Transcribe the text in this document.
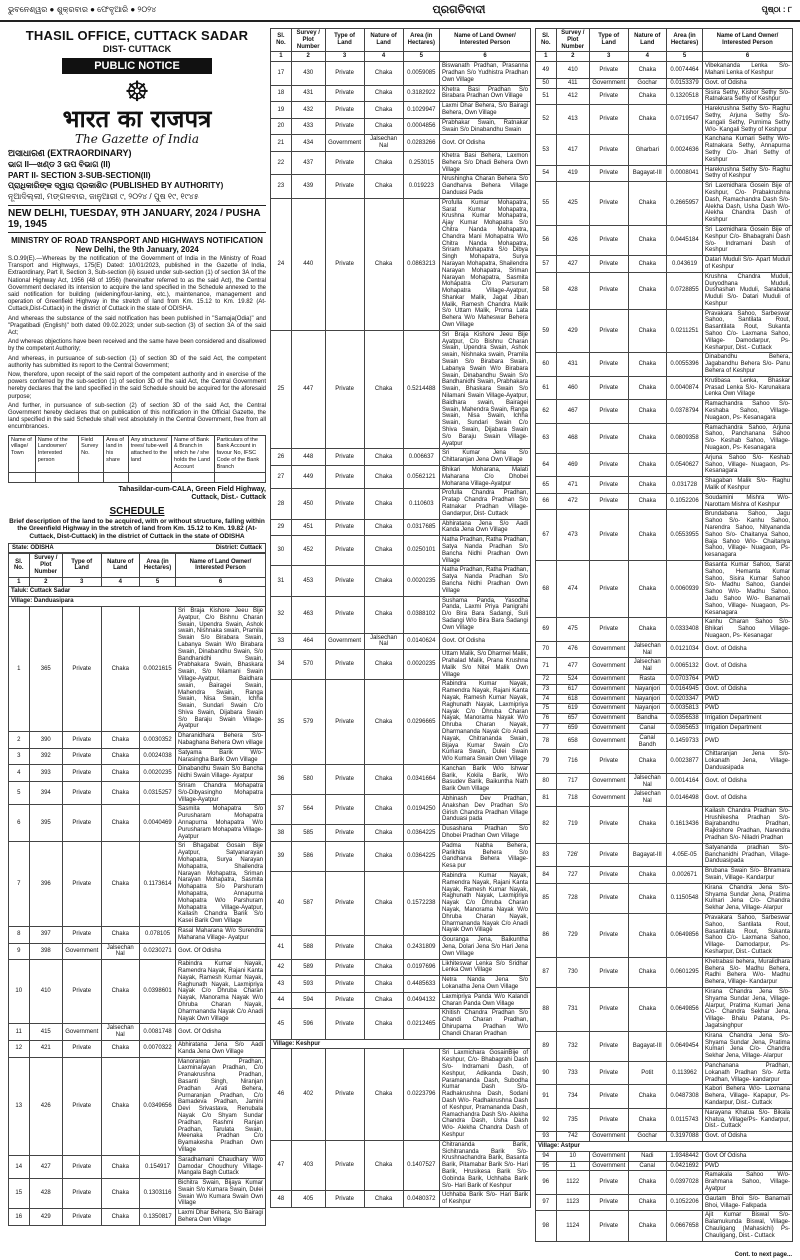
ଭୁବନେଶ୍ୱର ● ଶୁକ୍ରବାର ● ଫେବୃଆରି ● ୨୦୨୪	ପ୍ରଗତିବାଦୀ	ପୃଷ୍ଠା : ୮
THASIL OFFICE, CUTTACK SADAR
DIST- CUTTACK
PUBLIC NOTICE
☸
भारत का राजपत्र
The Gazette of India
ଅସାଧାରଣ (EXTRAORDINARY)
ଭାଗ II—ଖଣ୍ଡ 3 ଉପ ବିଭାଗ (II)
PART II- SECTION 3-SUB-SECTION(II)
ପ୍ରାଧିକାରିଙ୍କ ଦ୍ୱାରା ପ୍ରକାଶିତ (PUBLISHED BY AUTHORITY)
ନୂଆଦିଲ୍ଲୀ, ମଙ୍ଗଳବାର, ଜାନୁଆରୀ ୯, ୨୦୨୪ / ପୁଷ ୧୯, ୧୯୪୫
NEW DELHI, TUESDAY, 9TH JANUARY, 2024 / PUSHA 19, 1945
MINISTRY OF ROAD TRANSPORT AND HIGHWAYS NOTIFICATION New Delhi, the 9th January, 2024
S.O.99(E).—Whereas by the notification of the Government of India in the Ministry of Road Transport and Highways, 175(E) Dated: 10/01/2023, published in the Gazette of India, Extraordinary, Part II, Section 3, Sub-section (ii) issued under sub-section (1) of section 3A of the National Highway Act, 1956 (48 of 1956) (hereinafter referred to as the said Act), the Central Government declared its intension to acquire the land specified in the Schedule annexed to the said notification for building (widening/four-laning, etc.), maintenance, management and operation of Greenfield Highway in the stretch of land from Km. 15.12 to Km. 19.82 (At-Cuttack,Dist-Cuttack) in the district of Cuttack in the state of ODISHA.
And whereas the substance of the said notification has been published in "Samaja(Odia)" and "Pragatibadi (English)" both dated 09.02.2023; under sub-section (3) of section 3A of the said Act;
And whereas objections have been received and the same have been considered and disallowed by the competent Authority;
And whereas, in pursuance of sub-section (1) of section 3D of the said Act, the competent authority has submitted its report to the Central Government;
Now, therefore, upon receipt of the said report of the competent authority and in exercise of the powers conferred by the sub-section (1) of section 3D of the said Act, the Central Government hereby declares that the land specified in the said Schedule should be acquired for the aforesaid purpose;
And further, in pursuance of sub-section (2) of section 3D of the said Act, the Central Government hereby declares that on publication of this notification in the Official Gazette, the land specified in the said Schedule shall vest absolutely in the Central Government, free from all encumbrances.
Name of village/ Town	Name of the Landowner/ Interested person	Field Survey No.	Area of land in his share	Any structures/ trees/ tube-well attached to the land	Name of Bank & Branch in which he / she holds the Land Account	Particulars of the Bank Account in favour No, IFSC Code of the Bank Branch

Tahasildar-cum-CALA, Green Field Highway,
Cuttack, Dist.- Cuttack
SCHEDULE
Brief description of the land to be acquired, with or without structure, falling within the Greenfield Highway in the stretch of land from Km. 15.12 to Km. 19.82 (At-Cuttack, Dist-Cuttack) in the district of Cuttack in the state of ODISHA
State: ODISHA	District: Cuttack
Sl. No.	Survey / Plot Number	Type of Land	Nature of Land	Area (in Hectares)	Name of Land Owner/ Interested Person
1	2	3	4	5	6
Taluk: Cuttack Sadar					
Village: Danduasipara					
1	365	Private	Chaka	0.0021615	Sri Braja Kishore Jeeu Bije Ayatpur, C/o Bishnu Charan Swain, Upendra Swain, Ashok swain, Nishnaka swain, Pramila Swain S/o Birabara Swain, Labanya Swain W/o Birabara Swain, Dinabandhu Swain, S/o Bandhanidhi Swain, Prabhakara Swain, Bhaskara Swain, S/o Nilamani Swain Village-Ayatpur, Baidhara swain, Bairagei Swain, Mahendra Swain, Ranga Swain, Nisa Swain, Ichha Swain, Sundari Swain C/o Shiva Swain, Dijabara Swain S/o Baraju Swain Village-Ayatpur
2	390	Private	Chaka	0.0030352	Dharanidhara Behera S/o-Nabaghana Behera Own village
3	392	Private	Chaka	0.0024038	Satyama Barik W/o- Narasingha Barik Own Village
4	393	Private	Chaka	0.0020235	Dinabandhu Swain S/o Bancha Nidhi Swain Village- Ayatpur
5	394	Private	Chaka	0.0315257	Sriram Chandra Mohapatra S/o-Dibyasingho Mohapatra Village-Ayatpur
6	395	Private	Chaka	0.0040469	Sasmita Mohapatra S/o Purusharam Mohapatra Annapurna Mohapatra W/o Purusharam Mohapatra Village-Ayatpur
7	396	Private	Chaka	0.1173614	Sri Bhagabat Gosain Bije Ayatpur, Satyanarayan Mohapatra, Surya Narayan Mohapatra, Shailendra Narayan Mohapatra, Sriman Narayan Mohapatra, Sasmita Mohapatra S/o Parshuram Mohapatra, Annapurna Mohapatra W/o Parshuram Mohapatra Village-Ayatpur, Kailash Chandra Barik S/o Kasei Barik Own Village
8	397	Private	Chaka	0.078105	Rasal Maharana W/o Surendra Maharana Village- Ayatpur
9	398	Government	Jalsechan Nal	0.0230271	Govt. Of Odisha
10	410	Private	Chaka	0.0398601	Rabindra Kumar Nayak, Ramendra Nayak, Rajani Kanta Nayak, Ramesh Kumar Nayak, Raghunath Nayak, Laxmipriya Nayak C/o Dhruba Charan Nayak, Manorama Nayak W/o Dhruba Charan Nayak, Dharmananda Nayak C/o Anadi Nayak Own Village
11	415	Government	Jalsechan Nal	0.0081748	Govt. Of Odisha
12	421	Private	Chaka	0.0070322	Abhiratana Jena S/o Aadi Kanda Jena Own Village
13	426	Private	Chaka	0.0349656	Manoranjan Pradhan, Laxminarayan Pradhan, C/o Pranakrushna Pradhan, Basanti Singh, Niranjan Pradhan Arati Behera, Purnaranjan Pradhan, C/o Bamadeva Pradhan, Jamini Devi Srivastava, Renubala Nayak C/o Shyam Sundar Pradhan, Rashmi Ranjan Pradhan, Tarulata Swain, Meenaka Pradhan C/o Byamakesha Pradhan Own Village
14	427	Private	Chaka	0.154917	Saradhamani Chaudhary W/o Damodar Choudhury Village-Mangala Bagh Cuttack
15	428	Private	Chaka	0.1303116	Bichitra Swain, Bijaya Kumar Swain S/o Kumara Swain, Dulei Swain W/o Kumara Swain Own Village
16	429	Private	Chaka	0.1350817	Laxmi Dhar Behera, S/o Bairagi Behera Own Village
Sl. No.	Survey / Plot Number	Type of Land	Nature of Land	Area (in Hectares)	Name of Land Owner/ Interested Person
1	2	3	4	5	6
17	430	Private	Chaka	0.0059085	Biswanath Pradhan, Prasanna Pradhan S/o Yudhistra Pradhan Own Village
18	431	Private	Chaka	0.3182922	Khetra Basi Pradhan S/o Birabara Pradhan Own Village
19	432	Private	Chaka	0.1029947	Laxmi Dhar Behera, S/o Bairagi Behera, Own Village
20	433	Private	Chaka	0.0004856	Prabhakar Swain, Ratnakar Swain S/o Dinabandhu Swain
21	434	Government	Jalsechan Nal	0.0283266	Govt. Of Odisha
22	437	Private	Chaka	0.253015	Khetra Basi Behera, Laxmon Behera S/o Dhadi Behera Own Village
23	439	Private	Chaka	0.019223	Nrushingha Charan Behera S/o Gandharva Behera Village Danduasi Pada
24	440	Private	Chaka	0.0863213	Profulla Kumar Mohapatra, Sarat Kumar Mohapatra, Krushna Kumar Mohapatra, Ajay Kumar Mohapatra S/o Chitra Nanda Mohapatra, Chandra Mani Mohapatra W/o Chitra Nanda Mohapatra, Sriram Mohapatra S/o Dibya Singh Mohapatra, Surya Narayan Mohapatra, Shailendra Narayan Mohapatra, Sriman Narayan Mohapatra, Sasmita Mohapatra C/o Parsuram Mohapatra Village-Ayatpur, Shankar Malik, Jagat Jiban Malik, Ramesh Chandra Malik S/o Uttam Malik, Proma Lata Behera W/o Maheswar Behera Own Village
25	447	Private	Chaka	0.5214488	Sri Braja Kishore Jeeu Bije Ayatpur, C/o Bishnu Charan Swain, Upendra Swain, Ashok swain, Nishnaka swain, Pramila Swain S/o Birabara Swain, Labanya Swain W/o Birabara Swain, Dinabandhu Swain S/o Bandhanidhi Swain, Prabhakara Swain, Bhaskara Swain S/o Nilamani Swain Village-Ayatpur, Baidhara swain, Bairagei Swain, Mahendra Swain, Ranga Swain, Nisa Swain, Ichha Swain, Sundari Swain C/o Shiva Swain, Dijabara Swain S/o Baraju Swain Village- Ayatpur
26	448	Private	Chaka	0.006637	Sri Kumar Jena S/o Chittaranjan Jena Own Village
27	449	Private	Chaka	0.0562121	Bhikari Moharana, Malati Maharana C/o Dhobei Moharana Village-Ayatpur
28	450	Private	Chaka	0.110603	Profulla Chandra Pradhan, Pratap Chandra Pradhan S/o Ratnakar Pradhan Village- Gandarpur, Dist- Cuttack
29	451	Private	Chaka	0.0317685	Abhiratana Jena S/o Aadi Kanda Jena Own Village
30	452	Private	Chaka	0.0250101	Natha Pradhan, Ratha Pradhan, Satya Nanda Pradhan S/o Bancha Nidhi Pradhan Own Village
31	453	Private	Chaka	0.0020235	Natha Pradhan, Ratha Pradhan, Satya Nanda Pradhan S/o Bancha Nidhi Pradhan Own Village
32	463	Private	Chaka	0.0388102	Sushama Panda, Yasodha Panda, Laxmi Priya Panigrahi D/o Bira Bara Sadangi, Suli Sadangi W/o Bira Bara Sadangi Own Village
33	464	Government	Jalsechan Nal	0.0140624	Govt. Of Odisha
34	570	Private	Chaka	0.0020235	Uttam Malik, S/o Dharmei Malik, Prahalad Malik, Prana Krushna Malik S/o Nitei Malik Own Village
35	579	Private	Chaka	0.0296665	Rabindra Kumar Nayak, Ramendra Nayak, Rajani Kanta Nayak, Ramesh Kumar Nayak, Raghunath Nayak, Laxmipriya Nayak C/o Dhruba Charan Nayak, Manorama Nayak W/o Dhruba Charan Nayak, Dharmananda Nayak C/o Anadi Nayak, Chitrananda Swain, Bijaya Kumar Swain C/o Kumara Swain, Dulei Swain W/o Kumara Swain Own Village
36	580	Private	Chaka	0.0341664	Kanchan Barik W/o Ishwar Barik, Kokila Barik, W/o Basudev Barik, Baikuntha Nath Barik Own Village
37	564	Private	Chaka	0.0194250	Abhinash Dev Pradhan, Anakshan Dev Pradhan S/o Girish Chandra Pradhan Village Danduasi pada
38	585	Private	Chaka	0.0364225	Dusashana Pradhan S/o Dhobei Pradhan Own Village
39	586	Private	Chaka	0.0364225	Padma Nabha Behera, Parikhita Behera S/o Gandharva Behera Village- Kesa pur
40	587	Private	Chaka	0.1572238	Rabindra Kumar Nayak, Ramendra Nayak, Rajani Kanta Nayak, Ramesh Kumar Nayak, Raghunath Nayak, Laxmipriya Nayak C/o Dhruba Charan Nayak, Manorama Nayak W/o Dhruba Charan Nayak, Dharmananda Nayak C/o Anadi Nayak Own Village
41	588	Private	Chaka	0.2431809	Gouranga Jena, Baikuntha Jena, Dolari Jena S/o Hari Jena Own Village
42	589	Private	Chaka	0.0197696	Likhiteswar Lenka S/o Sridhar Lenka Own Village
43	593	Private	Chaka	0.4485633	Netra Nanda Jena S/o Lokanatha Jena Own Village
44	594	Private	Chaka	0.0494132	Laxmipriya Panda W/o Kalandi Charan Panda Own Village
45	596	Private	Chaka	0.0212465	Khitish Chandra Pradhan S/o Chandi Charan Pradhan, Dhirupama Pradhan W/o Chandi Charan Pradhan
Village: Keshpur					
46	402	Private	Chaka	0.0223796	Sri Laxmichara GosainBije of Keshpur, C/o- Bhabagrahi Dash S/o- Indramani Dash, of Keshpur, Adikanda Dash, Paramananda Dash, Subodha Kumar Dash S/o- Radhakrushna Dash, Sodani Dash W/o- Radhakrushna Dash of Keshpur, Pramananda Dash, Ramachandra Dash S/o- Alekha Chandra Dash, Usha Dash W/o- Alekha Chandra Dash of Keshpur
47	403	Private	Chaka	0.1407527	Chitrananda Barik, Sichitrananda Barik S/o- Krushnachandra Barik, Basanta Barik, Pitamabar Barik S/o- Hari Barik, Hrusikesa Barik S/o- Gobinda Barik, Uchhaba Barik S/o- Hari Barik of Keshpur
48	405	Private	Chaka	0.0480372	Uchhaba Barik S/o- Hari Barik of Keshpur
Sl. No.	Survey / Plot Number	Type of Land	Nature of Land	Area (in Hectares)	Name of Land Owner/ Interested Person
1	2	3	4	5	6
49	410	Private	Chaka	0.0074464	Vibekananda Lenka S/o- Mahani Lenka of Keshpur
50	411	Government	Gochar	0.0153379	Govt. of Odisha
51	412	Private	Chaka	0.1320518	Sisira Sethy, Kishor Sethy S/o- Ratnakara Sethy of Keshpur
52	413	Private	Chaka	0.0719547	Harekrushna Sethy S/o- Raghu Sethy, Arjuna Sethy S/o- Kangali Sethy, Purnima Sethy W/o- Kangali Sethy of Keshpur
53	417	Private	Gharbari	0.0024636	Kanchana Kumari Sethy W/o- Ratnakara Sethy, Annapurna Sethy C/o- Jhari Sethy of Keshpur
54	419	Private	Bagayat-III	0.0008041	Harekrushna Sethy S/o- Raghu Sethy of Keshpur
55	425	Private	Chaka	0.2665957	Sri Laxmidhara Gosein Bije of Keshpur, C/o- Prabakrushna Dash, Ramachandra Dash S/o- Alekha Dash, Usha Dash W/o- Alekha Chandra Dash of Keshpur
56	426	Private	Chaka	0.0445184	Sri Laxmidhara Gosein Bije of Keshpur C/o- Bhabagrahi Dash S/o- Indramani Dash of Keshpur
57	427	Private	Chaka	0.043619	Datari Muduli S/o- Apart Muduli of Keshpur
58	428	Private	Chaka	0.0728855	Krushna Chandra Muduli, Duryodhana Muduli, Dushashan Muduli, Sarabana Muduli S/o- Datari Muduli of Keshpur
59	429	Private	Chaka	0.0211251	Pravakara Sahoo, Sarbeswar Sahoo, Santilata Rout, Basantilata Rout, Sukanta Sahoo C/o- Laxmana Sahoo, Village- Damodarpur, Ps- Kesharpur, Dist.- Cuttack
60	431	Private	Chaka	0.0055396	Dinabandhu Behera, Jagabandhu Behera S/o- Panu Behera of Keshpur
61	460	Private	Chaka	0.0040874	Krutibasa Lenka, Bhaskar Prasad Lenka S/o- Karunakara Lenka Own Village
62	467	Private	Chaka	0.0378794	Ramachandra Sahoo S/o- Keshaba Sahoo, Village- Nuagaon, Ps- Kesanagara
63	468	Private	Chaka	0.0809358	Ramachandra Sahoo, Arjuna Sahoo, Panchanana Sahoo S/o- Keshab Sahoo, Village- Nuagaon, Ps- Kesanagara
64	469	Private	Chaka	0.0540627	Arjuna Sahoo S/o- Keshab Sahoo, Village- Nuagaon, Ps- Kesanagara
65	471	Private	Chaka	0.031728	Shagaban Malik S/o- Raghu Malik of Keshpur
66	472	Private	Chaka	0.1052206	Soudamini Mishra W/o- Narottam Mishra of Keshpur
67	473	Private	Chaka	0.0553955	Brundabana Sahoo, Jagu Sahoo S/o- Kanhu Sahoo, Narendra Sahoo, Nityananda Sahoo S/o- Chaitanya Sahoo, Baja Sahoo W/o- Chaitanya Sahoo, Village- Nuagaon, Ps- kesanagara
68	474	Private	Chaka	0.0060939	Basanta Kumar Sahoo, Sarat Sahoo, Hemanta Kumar Sahoo, Sisira Kumar Sahoo S/o- Madhu Sahoo, Gandei Sahoo W/o- Madhu Sahoo, Jadu Sahoo W/o- Banamali Sahoo, Village- Nuagaon, Ps- Kesanagara
69	475	Private	Chaka	0.0333408	Kanhu Charan Sahoo S/o- Bhikari Sahoo Village- Nuagaon, Ps- Kesanagar
70	476	Government	Jalsechan Nal	0.0121034	Govt. of Odisha
71	477	Government	Jalsechan Nal	0.0065132	Govt. of Odisha
72	524	Government	Rasta	0.0703764	PWD
73	617	Government	Nayanjori	0.0164945	Govt. of Odisha
74	618	Government	Nayanjori	0.0203347	PWD
75	619	Government	Nayanjori	0.0035813	PWD
76	657	Government	Bandha	0.0356538	Irrigation Department
77	659	Government	Canal	0.0365653	Irrigation Department
78	658	Government	Canal Bandh	0.1459733	PWD
79	716	Private	Chaka	0.0023877	Chittaranjan Jena S/o- Lokanath Jena, Village- Danduasipada
80	717	Government	Jalsechan Nal	0.0014164	Govt. of Odisha
81	718	Government	Jalsechan Nal	0.0146498	Govt. of Odisha
82	719	Private	Chaka	0.1613436	Kailash Chandra Pradhan S/o- Hrushikesha Pradhan S/o- Bajrabandhu Pradhan, Rajkishore Pradhan, Narendra Pradhan S/o- Niladri Pradhan
83	726'	Private	Bagayat-III	4.05E-05	Satyananda pradhan S/o- Banchanidhi Pradhan, Village- Danduasipada
84	727	Private	Chaka	0.002671	Brubana Swain S/o- Bhramara Swain, Village- Kandarpur
85	728	Private	Chaka	0.1150548	Kirana Chandra Jena S/o- Shyama Sundar Jena, Pratima Kumari Jena C/o- Chandra Sekhar Jena, Village- Alarpur
86	729	Private	Chaka	0.0649856	Pravakara Sahoo, Sarbeswar Sahoo, Santilata Rout, Basantilata Rout, Sukanta Sahoo C/o- Laxmana Sahoo, Village- Damodarpur, Ps- Kesharpur, Dist.- Cuttack
87	730	Private	Chaka	0.0601295	Khetrabasi behera, Muralidhara Behera S/o- Madhu Behera, Radhi Behera W/o- Madhu Behera, Village- Kandarpur
88	731	Private	Chaka	0.0649856	Kirana Chandra Jena S/o- Shyama Sundar Jena, Village- Alarpur, Pratima Kumari Jena C/o- Chandra Sekhar Jena, Village- Bhalu Patana, Ps- Jagatsinghpur
89	732	Private	Bagayat-III	0.0649454	Kirana Chandra Jena S/o- Shyama Sundar Jena, Pratima Kumari Jena C/o- Chandra Sekhar Jena, Village- Alarpur
90	733	Private	Potit	0.113962	Panchanana Pradhan, Lokanath Pradhan S/o- Artta Pradhan, Village- kandarpur
91	734	Private	Chaka	0.0487308	Kabori Behera W/o- Laxmana Behera, Village- Kapapur, Ps- Kandarpur, Dist.- Cuttack
92	735	Private	Chaka	0.0115743	Narayana Khatua S/o- Bikala Khatua, Village/Ps- Kandarpur, Dist.- Cuttack
93	742	Government	Gochar	0.3197088	Govt. of Odisha
Village: Astpur					
94	10	Government	Nadi	1.9348442	Govt Of Odisha
95	11	Government	Canal	0.0421692	PWD
96	1122	Private	Chaka	0.0397028	Ramakala Sahoo W/o- Brahmana Sahoo, Village- Ayatpur
97	1123	Private	Chaka	0.1052206	Gautam Bhoi S/o- Banamali Bhoi, Village- Falkpada
98	1124	Private	Chaka	0.0667658	Ajit Kumar Biswal S/o- Balamukunda Biswal, Village- Chauligang (Mahasichi) Ps- Chauligang, Dist.- Cuttack
Cont. to next page...
